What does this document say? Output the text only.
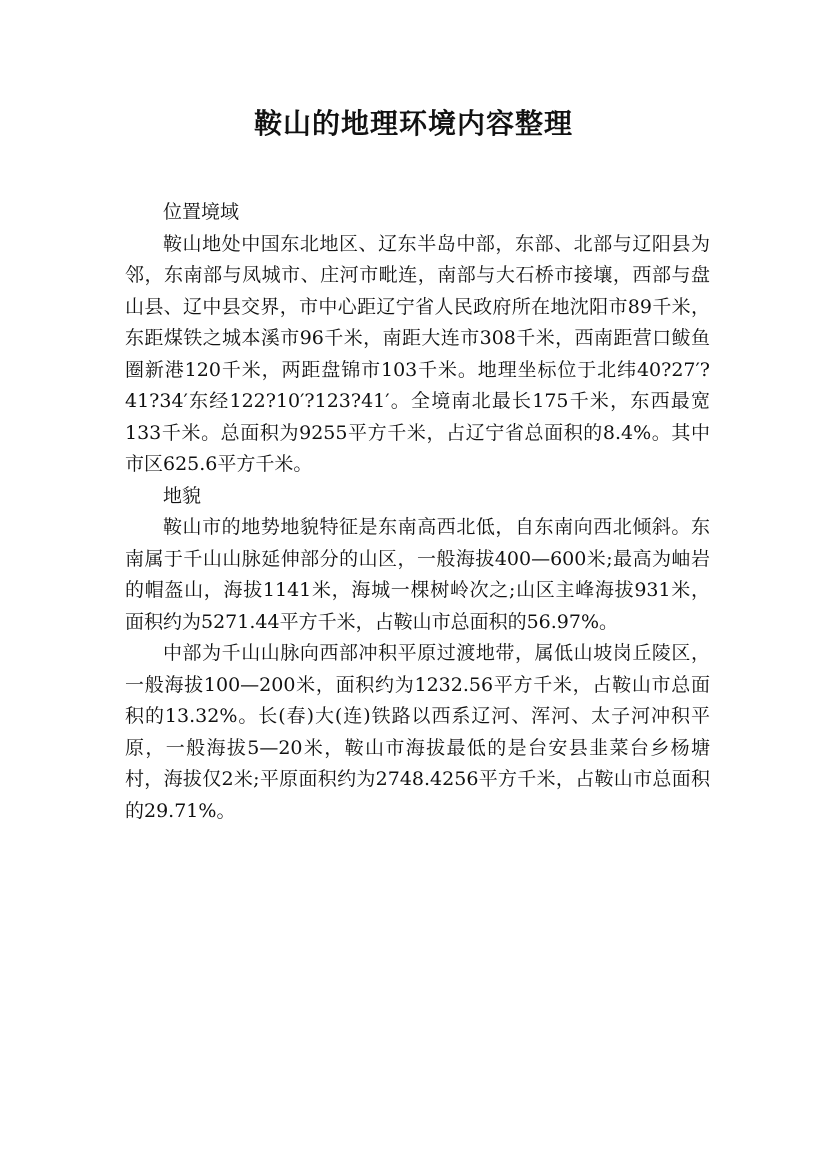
鞍山的地理环境内容整理

位置境域

鞍山地处中国东北地区、辽东半岛中部，东部、北部与辽阳县为邻，东南部与凤城市、庄河市毗连，南部与大石桥市接壤，西部与盘山县、辽中县交界，市中心距辽宁省人民政府所在地沈阳市89千米，东距煤铁之城本溪市96千米，南距大连市308千米，西南距营口鲅鱼圈新港120千米，两距盘锦市103千米。地理坐标位于北纬40?27′?41?34′东经122?10′?123?41′。全境南北最长175千米，东西最宽133千米。总面积为9255平方千米，占辽宁省总面积的8.4%。其中市区625.6平方千米。

地貌

鞍山市的地势地貌特征是东南高西北低，自东南向西北倾斜。东南属于千山山脉延伸部分的山区，一般海拔400—600米;最高为岫岩的帽盔山，海拔1141米，海城一棵树岭次之;山区主峰海拔931米，面积约为5271.44平方千米，占鞍山市总面积的56.97%。

中部为千山山脉向西部冲积平原过渡地带，属低山坡岗丘陵区，一般海拔100—200米，面积约为1232.56平方千米，占鞍山市总面积的13.32%。长(春)大(连)铁路以西系辽河、浑河、太子河冲积平原，一般海拔5—20米，鞍山市海拔最低的是台安县韭菜台乡杨塘村，海拔仅2米;平原面积约为2748.4256平方千米，占鞍山市总面积的29.71%。
